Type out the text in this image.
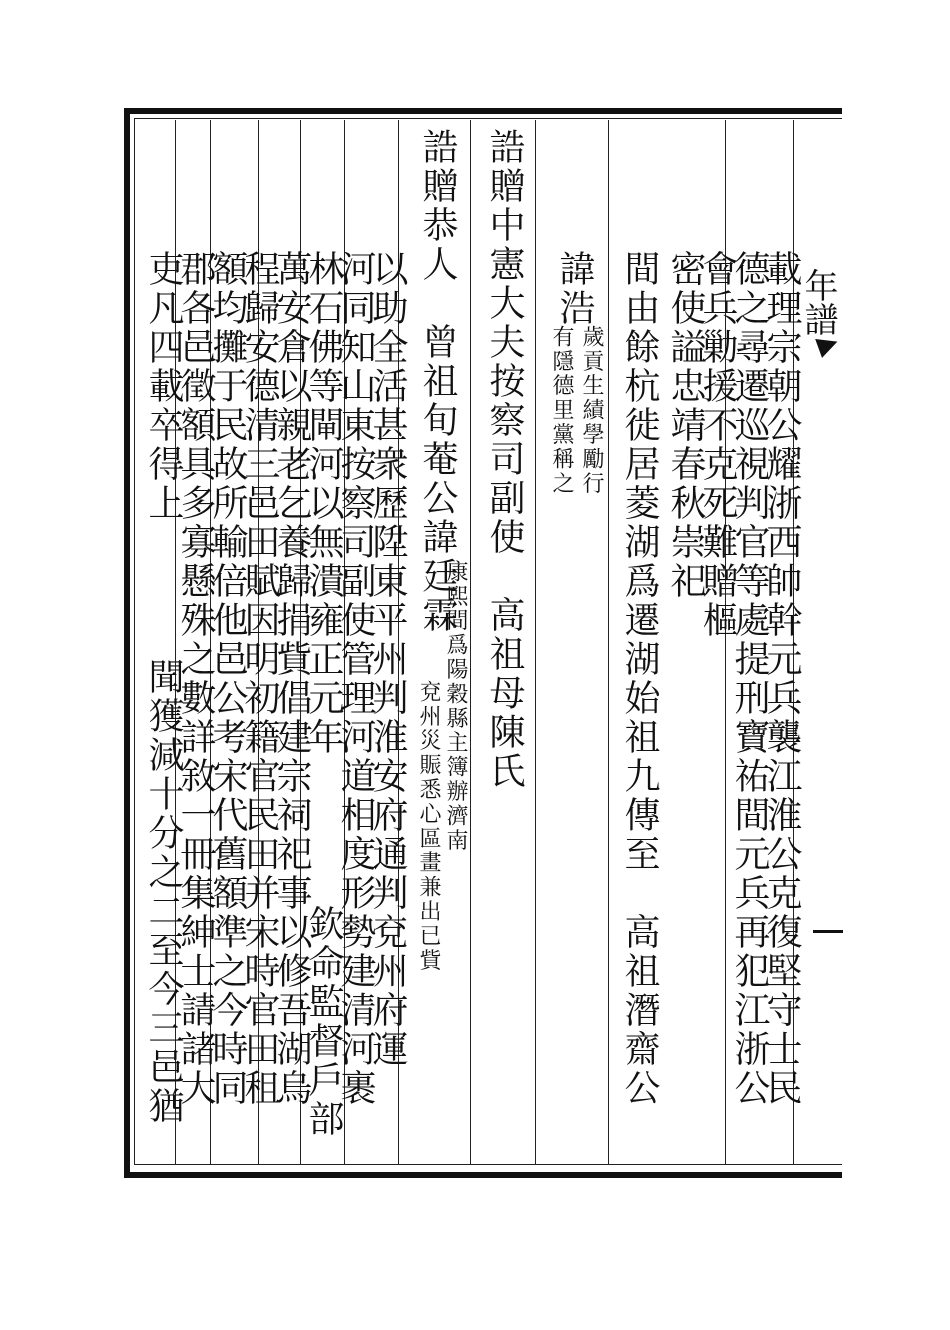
年譜
載理宗朝公耀浙西帥幹元兵襲江淮公克復堅守士民
德之尋遷巡視判官等處提刑寶祐間元兵再犯江浙公
會兵勦援不克死難贈樞
密使謚忠靖春秋崇祀
間由餘杭徙居菱湖爲遷湖始祖九傳至　高祖潛齋公
諱浩
歲貢生績學勵行
有隱德里黨稱之
誥贈中憲大夫按察司副使　高祖母陳氏
誥贈恭人　曾祖旬菴公諱廷霖
康熙間爲陽穀縣主簿辦濟南
兗州災賑悉心區畫兼出已貲
以助全活甚衆歷陞東平州判淮安府通判兗州府運
河同知山東按察司副使管理河道相度形勢建清河裹
林石佛等閘河以無潰雍正元年
欽命監督戶部
萬安倉以親老乞養歸捐貲倡建宗祠祀事以修吾湖烏
程歸安德清三邑田賦因明初籍官民田并宋時官田租
額均攤于民故所輸倍他邑公考宋代舊額準之今時同
郡各邑徵額具多寡懸殊之數詳敘一冊集紳士請諸大
吏凡四載卒得上
聞獲減十分之二至今三邑猶
